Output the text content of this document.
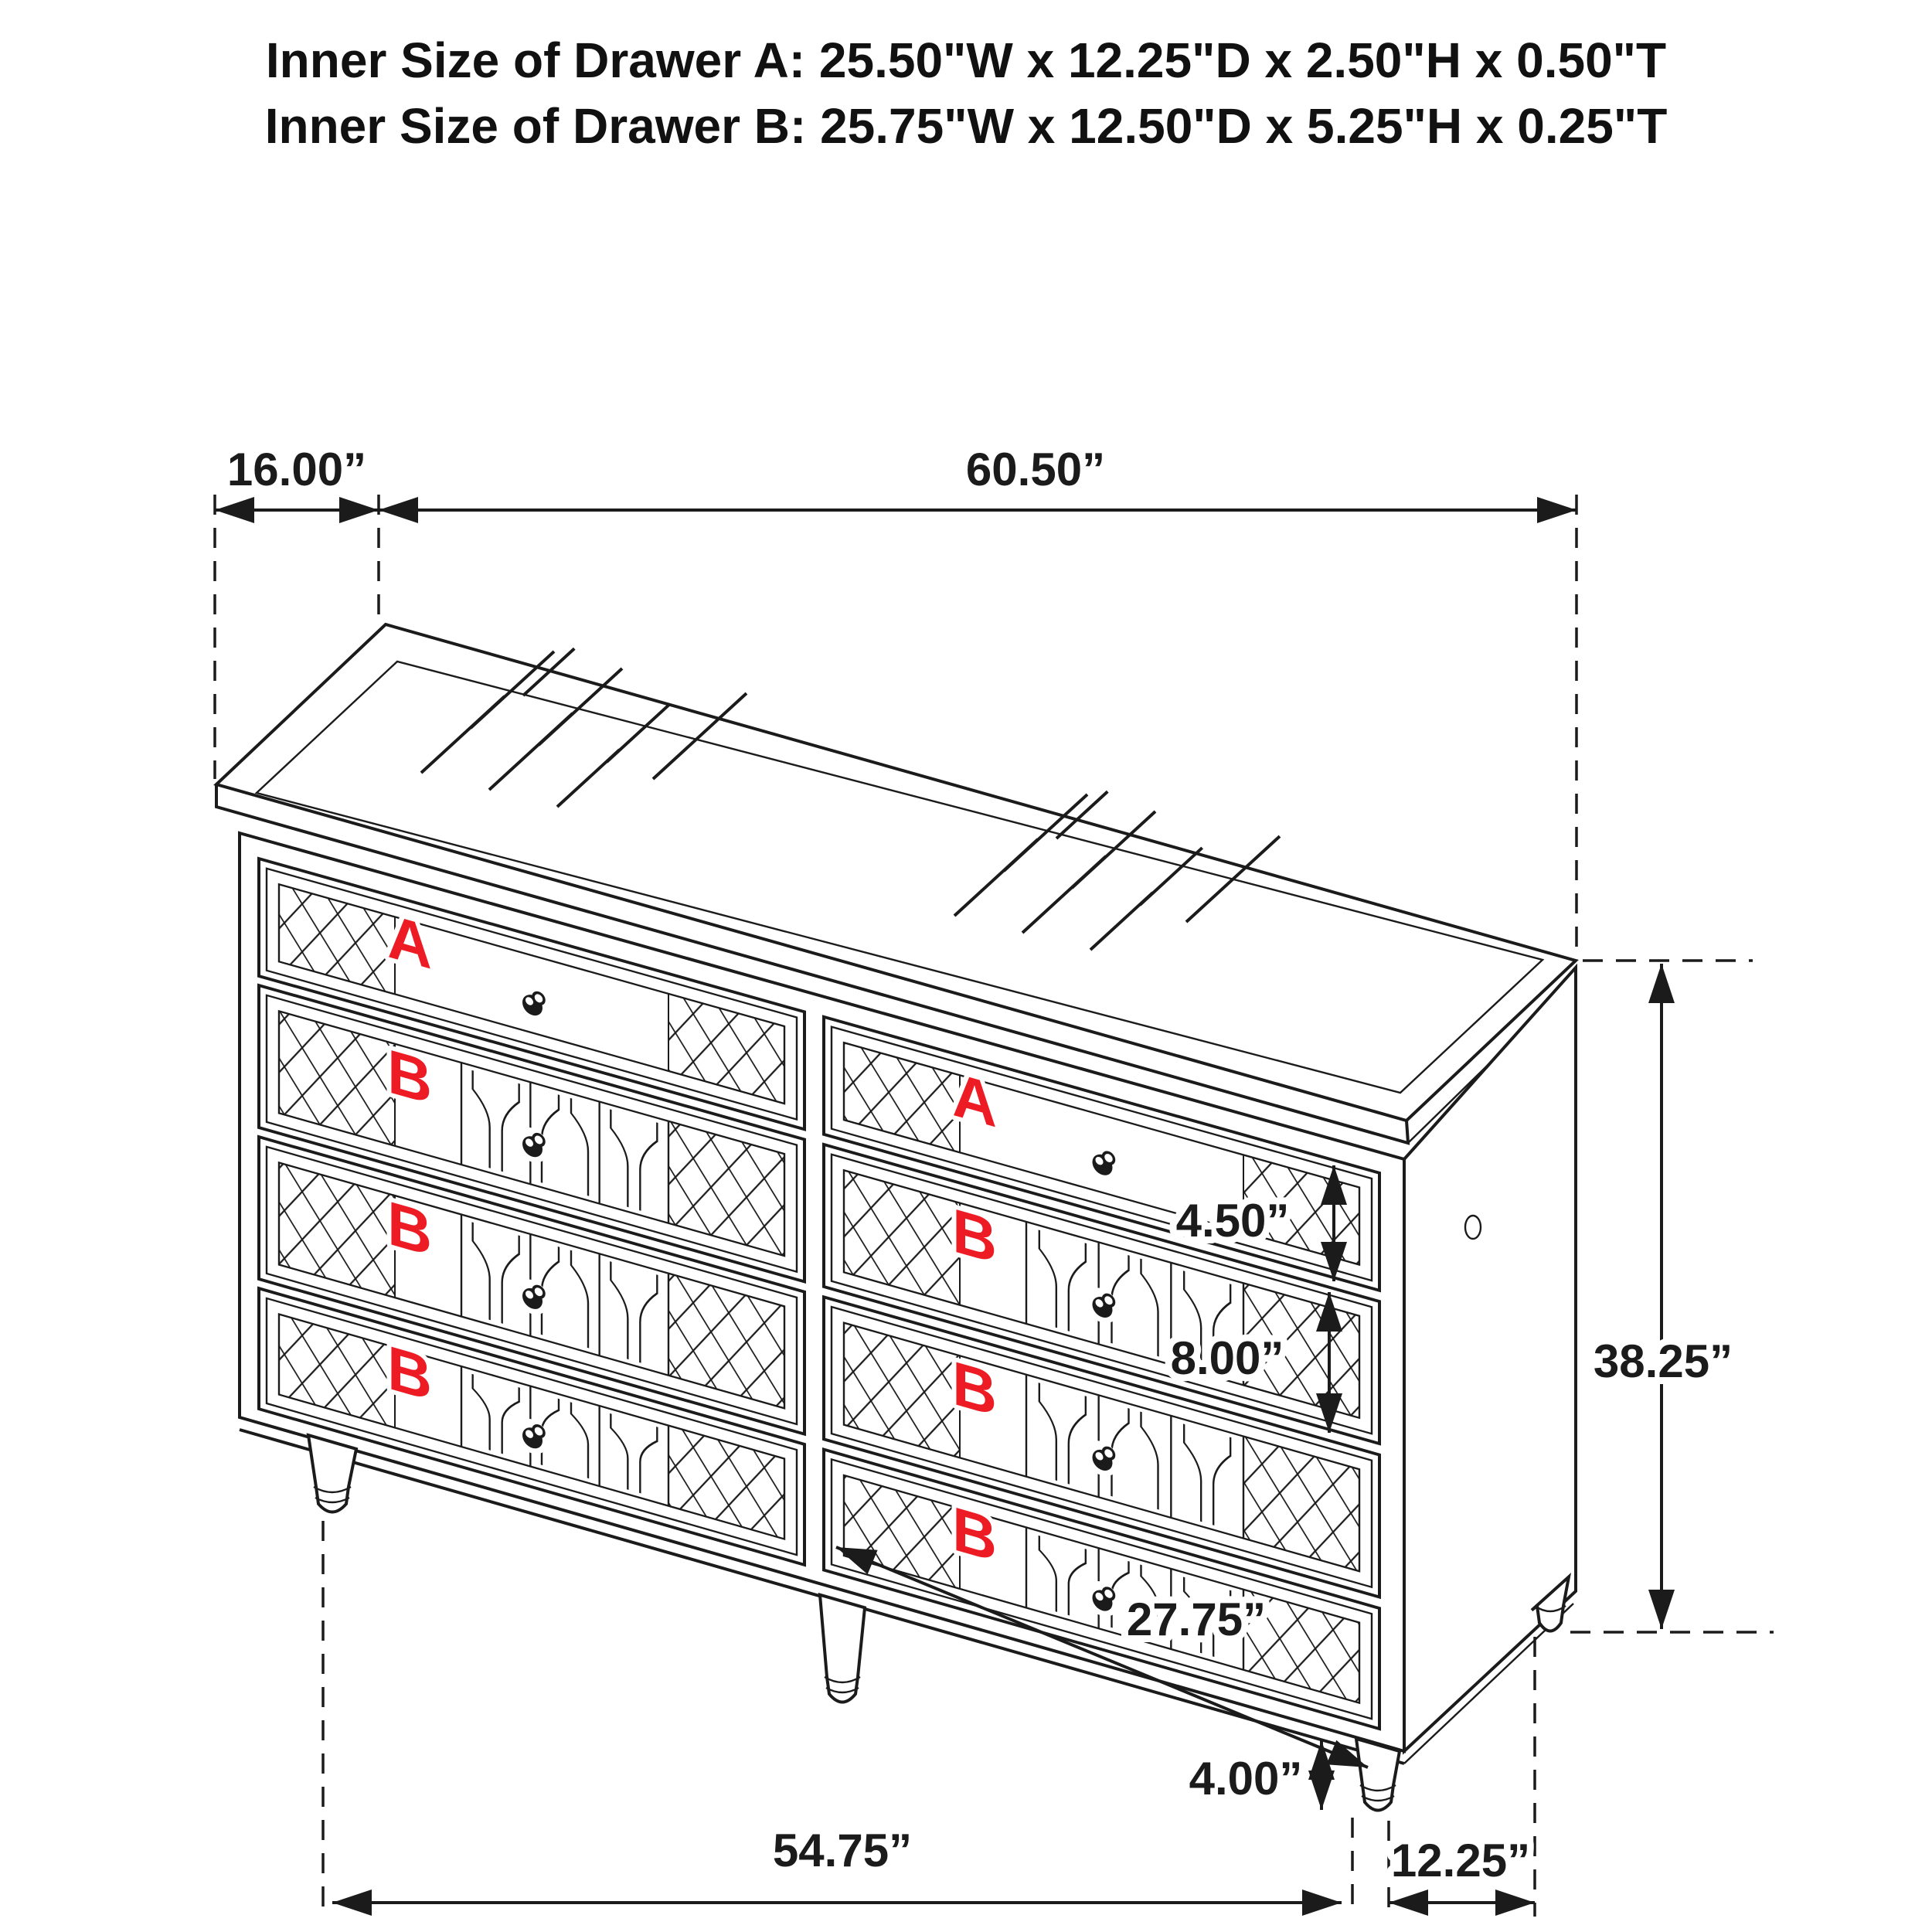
Inner Size of Drawer A: 25.50"W x 12.25"D x 2.50"H x 0.50"T
Inner Size of Drawer B: 25.75"W x 12.50"D x 5.25"H x 0.25"T
A
B
B
B
A
B
B
B
16.00”	60.50”
38.25”
4.50”
8.00”
27.75”
54.75”
4.00”
12.25”
